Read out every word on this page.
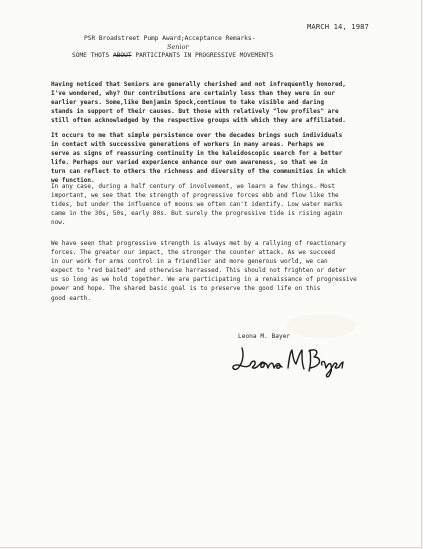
MARCH 14, 1987
PSR Broadstreet Pump Award;Acceptance Remarks-
Senior
SOME THOTS ABOUT PARTICIPANTS IN PROGRESSIVE MOVEMENTS
Having noticed that Seniors are generally cherished and not infrequently honored,
I've wondered, why? Our contributions are certainly less than they were in our
earlier years. Some,like Benjamin Spock,continue to take visible and daring
stands in support of their causes. But those with relatively "low profiles" are
still often acknowledged by the respective groups with which they are affiliated.
It occurs to me that simple persistence over the decades brings such individuals
in contact with successive generations of workers in many areas. Perhaps we
serve as signs of reassuring continuity in the kaleidoscopic search for a better
life. Perhaps our varied experience enhance our own awareness, so that we in
turn can reflect to others the richness and diversity of the communities in which
we function.
In any case, during a half century of involvement, we learn a few things. Most
important, we see that the strength of progressive forces ebb and flow like the
tides, but under the influence of moons we often can't identify. Low water marks
came in the 30s, 50s, early 80s. But surely the progressive tide is rising again
now.
We have seen that progressive strength is always met by a rallying of reactionary
forces. The greater our impact, the stronger the counter attack. As we succeed
in our work for arms control in a friendlier and more generous world, we can
expect to "red baited" and otherwise harrassed. This should not frighten or deter
us so long as we hold together. We are participating in a renaissance of progressive
power and hope. The shared basic goal is to preserve the good life on this
good earth.
Leona M. Bayer
